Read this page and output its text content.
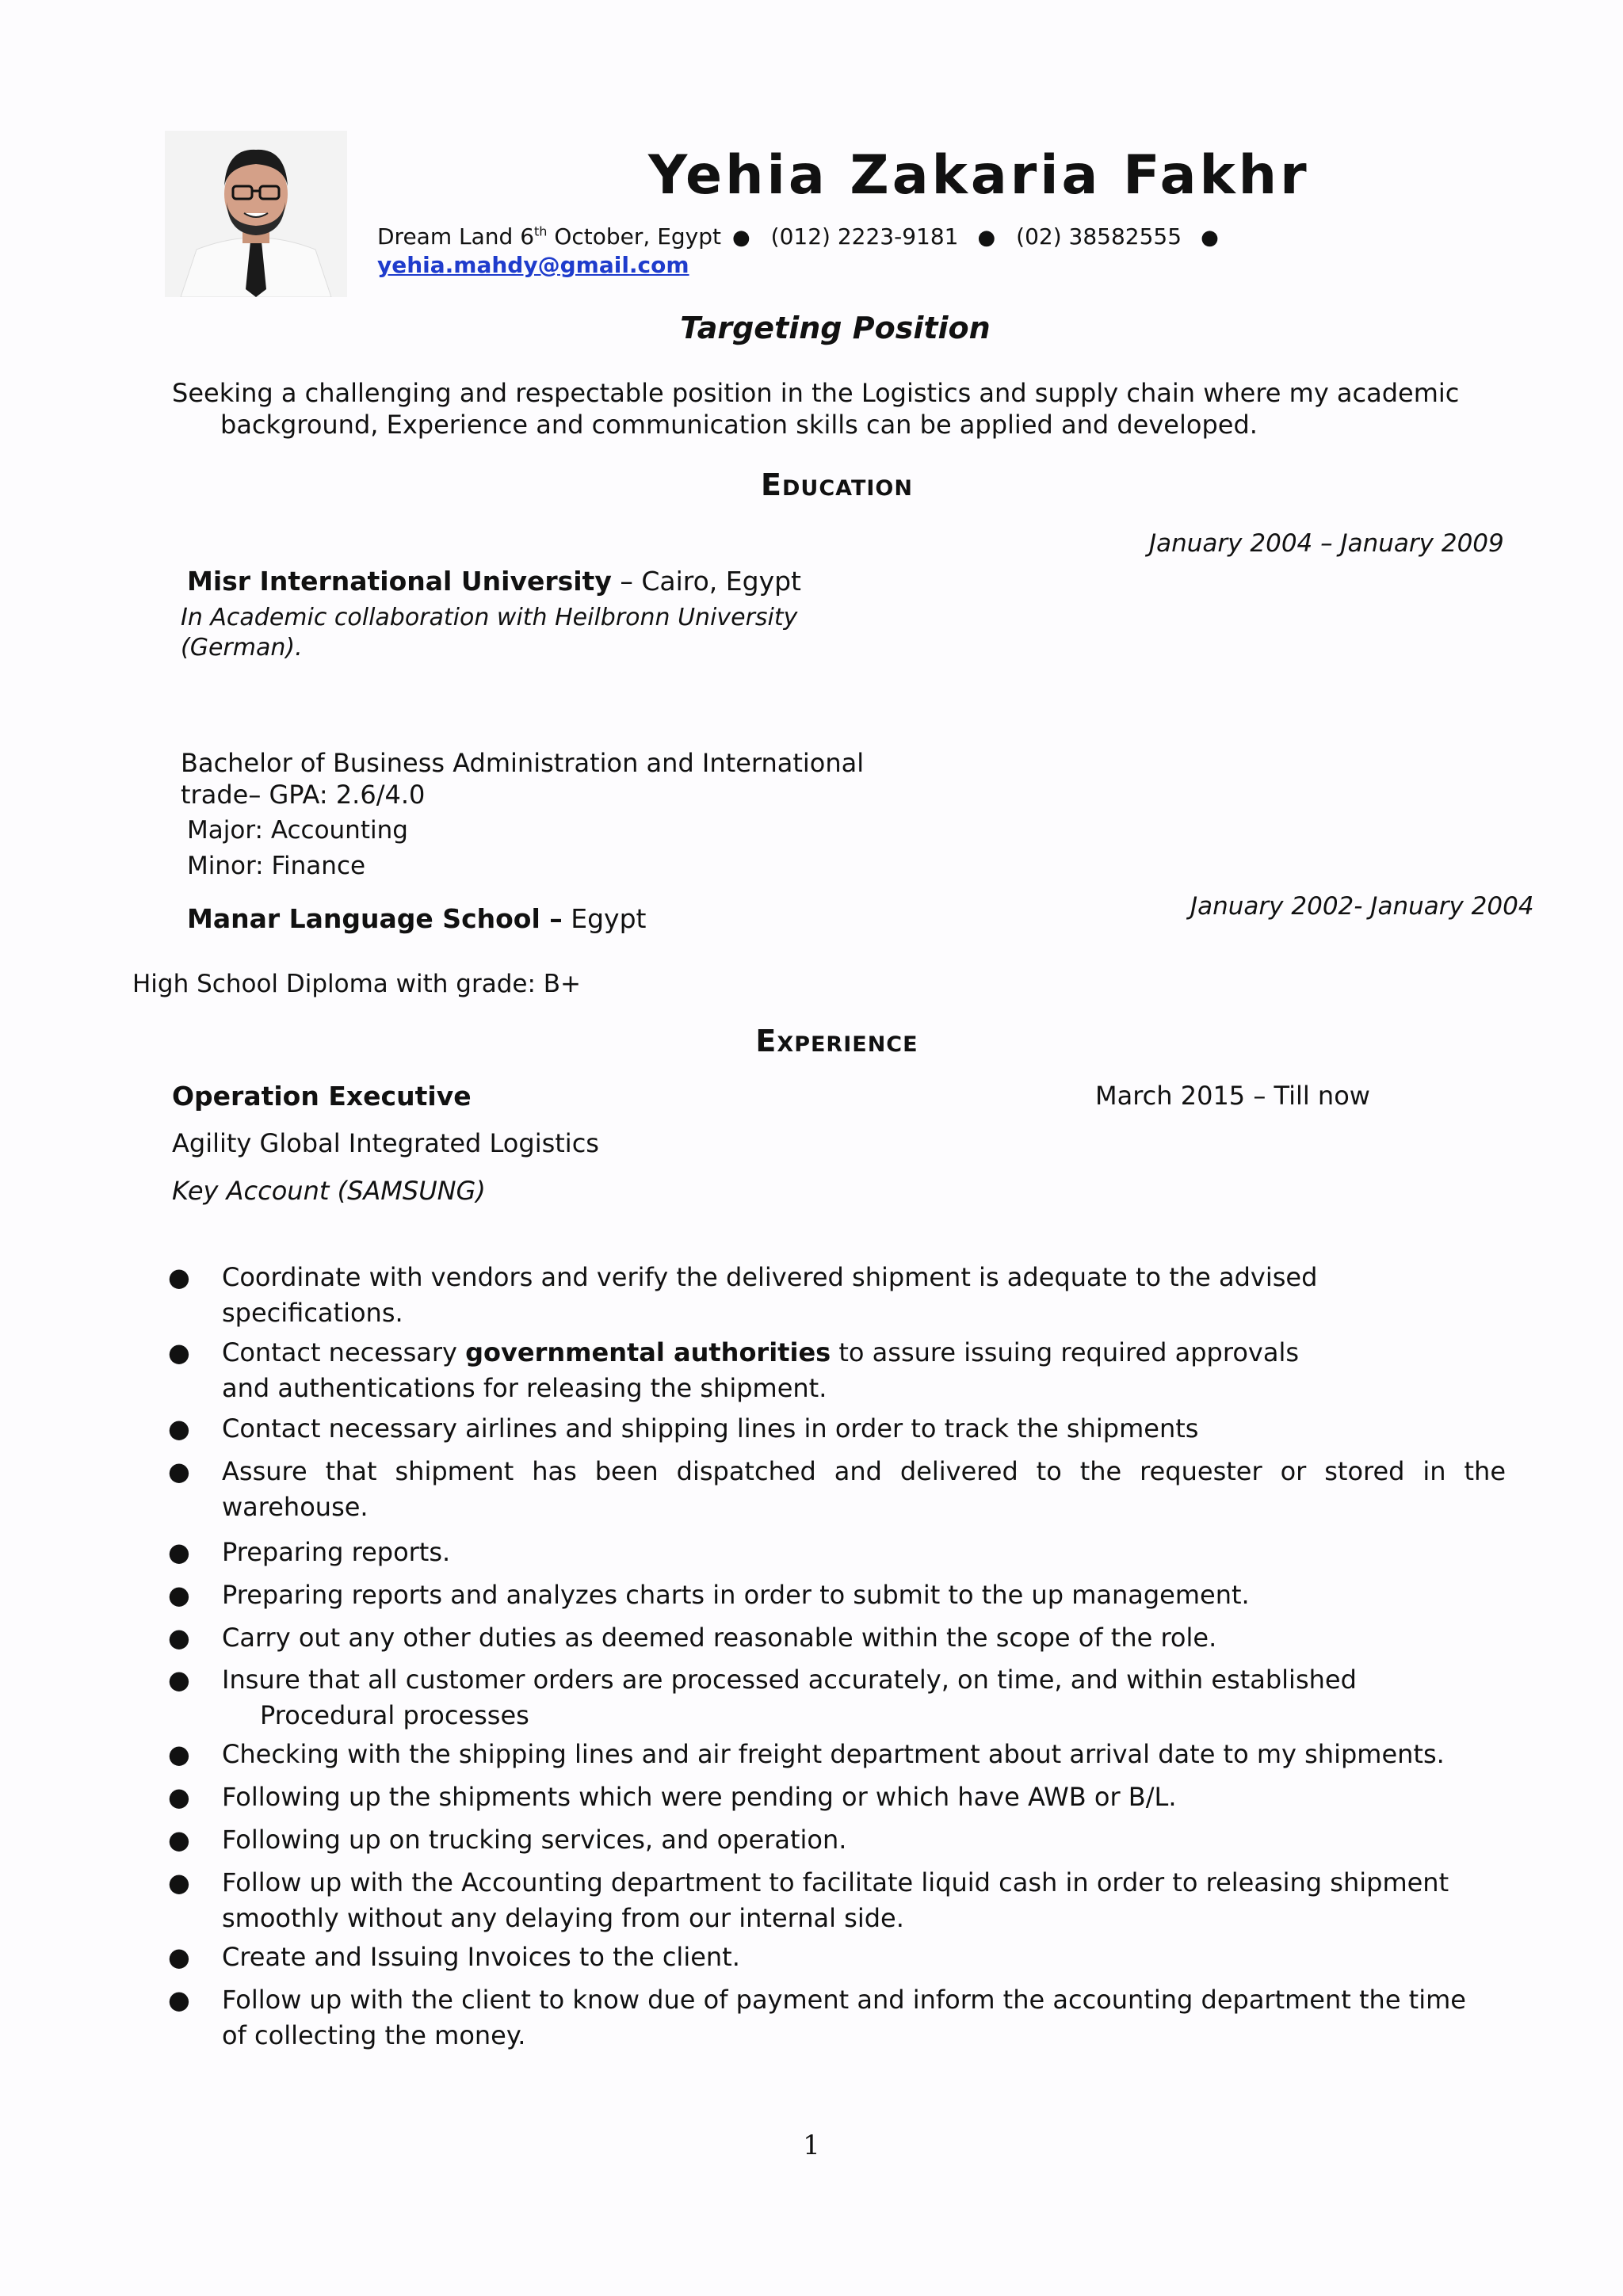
Yehia Zakaria Fakhr
Dream Land 6th October, Egypt ● (012) 2223-9181 ● (02) 38582555 ●
yehia.mahdy@gmail.com
Targeting Position
Seeking a challenging and respectable position in the Logistics and supply chain where my academic
background, Experience and communication skills can be applied and developed.
Education
January 2004 – January 2009
Misr International University – Cairo, Egypt
In Academic collaboration with Heilbronn University
(German).
Bachelor of Business Administration and International
trade– GPA: 2.6/4.0
Major: Accounting
Minor: Finance
January 2002- January 2004
Manar Language School – Egypt
High School Diploma with grade: B+
Experience
Operation Executive	March 2015 – Till now
Agility Global Integrated Logistics
Key Account (SAMSUNG)
● Coordinate with vendors and verify the delivered shipment is adequate to the advised
specifications.
● Contact necessary governmental authorities to assure issuing required approvals
and authentications for releasing the shipment.
● Contact necessary airlines and shipping lines in order to track the shipments
● Assure that shipment has been dispatched and delivered to the requester or stored in the
warehouse.
● Preparing reports.
● Preparing reports and analyzes charts in order to submit to the up management.
● Carry out any other duties as deemed reasonable within the scope of the role.
● Insure that all customer orders are processed accurately, on time, and within established
Procedural processes
● Checking with the shipping lines and air freight department about arrival date to my shipments.
● Following up the shipments which were pending or which have AWB or B/L.
● Following up on trucking services, and operation.
● Follow up with the Accounting department to facilitate liquid cash in order to releasing shipment
smoothly without any delaying from our internal side.
● Create and Issuing Invoices to the client.
● Follow up with the client to know due of payment and inform the accounting department the time
of collecting the money.
1
